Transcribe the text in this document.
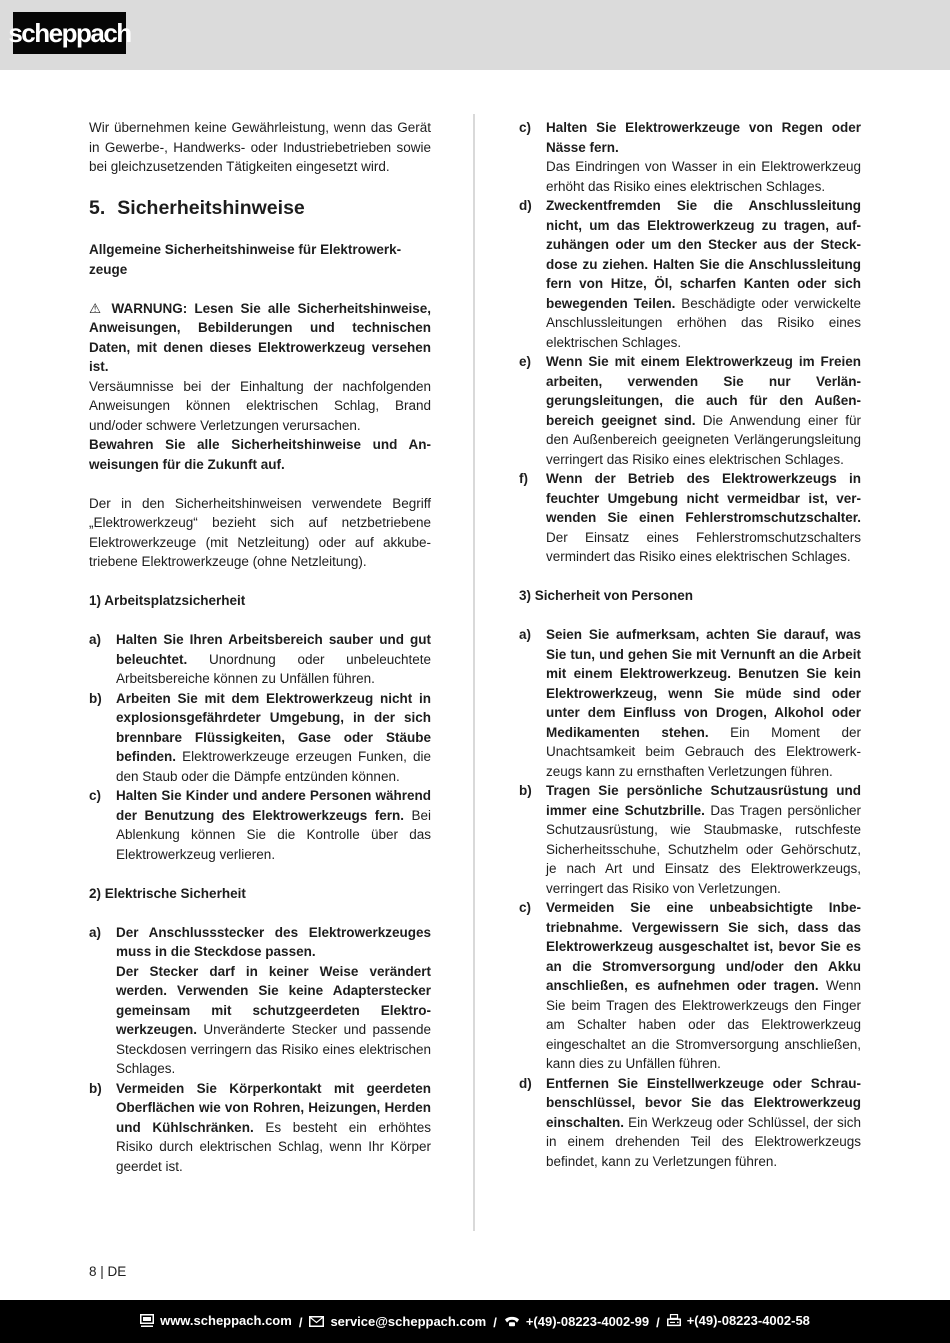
scheppach

Wir übernehmen keine Gewährleistung, wenn das Gerät in Gewerbe-, Handwerks- oder Industriebetrieben sowie bei gleichzusetzenden Tätigkeiten eingesetzt wird.

5. Sicherheitshinweise

Allgemeine Sicherheitshinweise für Elektrowerkzeuge

⚠ WARNUNG: Lesen Sie alle Sicherheitshinweise, Anweisungen, Bebilderungen und technischen Daten, mit denen dieses Elektrowerkzeug versehen ist.
Versäumnisse bei der Einhaltung der nachfolgenden Anweisungen können elektrischen Schlag, Brand und/oder schwere Verletzungen verursachen.
Bewahren Sie alle Sicherheitshinweise und Anweisungen für die Zukunft auf.

Der in den Sicherheitshinweisen verwendete Begriff „Elektrowerkzeug“ bezieht sich auf netzbetriebene Elektrowerkzeuge (mit Netzleitung) oder auf akkubetriebene Elektrowerkzeuge (ohne Netzleitung).

1) Arbeitsplatzsicherheit

a)	Halten Sie Ihren Arbeitsbereich sauber und gut beleuchtet. Unordnung oder unbeleuchtete Arbeitsbereiche können zu Unfällen führen.
b)	Arbeiten Sie mit dem Elektrowerkzeug nicht in explosionsgefährdeter Umgebung, in der sich brennbare Flüssigkeiten, Gase oder Stäube befinden. Elektrowerkzeuge erzeugen Funken, die den Staub oder die Dämpfe entzünden können.
c)	Halten Sie Kinder und andere Personen während der Benutzung des Elektrowerkzeugs fern. Bei Ablenkung können Sie die Kontrolle über das Elektrowerkzeug verlieren.

2) Elektrische Sicherheit

a)	Der Anschlussstecker des Elektrowerkzeuges muss in die Steckdose passen.
Der Stecker darf in keiner Weise verändert werden. Verwenden Sie keine Adapterstecker gemeinsam mit schutzgeerdeten Elektrowerkzeugen. Unveränderte Stecker und passende Steckdosen verringern das Risiko eines elektrischen Schlages.
b)	Vermeiden Sie Körperkontakt mit geerdeten Oberflächen wie von Rohren, Heizungen, Herden und Kühlschränken. Es besteht ein erhöhtes Risiko durch elektrischen Schlag, wenn Ihr Körper geerdet ist.
c)	Halten Sie Elektrowerkzeuge von Regen oder Nässe fern.
Das Eindringen von Wasser in ein Elektrowerkzeug erhöht das Risiko eines elektrischen Schlages.
d)	Zweckentfremden Sie die Anschlussleitung nicht, um das Elektrowerkzeug zu tragen, aufzuhängen oder um den Stecker aus der Steckdose zu ziehen. Halten Sie die Anschlussleitung fern von Hitze, Öl, scharfen Kanten oder sich bewegenden Teilen. Beschädigte oder verwickelte Anschlussleitungen erhöhen das Risiko eines elektrischen Schlages.
e)	Wenn Sie mit einem Elektrowerkzeug im Freien arbeiten, verwenden Sie nur Verlängerungsleitungen, die auch für den Außenbereich geeignet sind. Die Anwendung einer für den Außenbereich geeigneten Verlängerungsleitung verringert das Risiko eines elektrischen Schlages.
f)	Wenn der Betrieb des Elektrowerkzeugs in feuchter Umgebung nicht vermeidbar ist, verwenden Sie einen Fehlerstromschutzschalter. Der Einsatz eines Fehlerstromschutzschalters vermindert das Risiko eines elektrischen Schlages.

3) Sicherheit von Personen

a)	Seien Sie aufmerksam, achten Sie darauf, was Sie tun, und gehen Sie mit Vernunft an die Arbeit mit einem Elektrowerkzeug. Benutzen Sie kein Elektrowerkzeug, wenn Sie müde sind oder unter dem Einfluss von Drogen, Alkohol oder Medikamenten stehen. Ein Moment der Unachtsamkeit beim Gebrauch des Elektrowerkzeugs kann zu ernsthaften Verletzungen führen.
b)	Tragen Sie persönliche Schutzausrüstung und immer eine Schutzbrille. Das Tragen persönlicher Schutzausrüstung, wie Staubmaske, rutschfeste Sicherheitsschuhe, Schutzhelm oder Gehörschutz, je nach Art und Einsatz des Elektrowerkzeugs, verringert das Risiko von Verletzungen.
c)	Vermeiden Sie eine unbeabsichtigte Inbetriebnahme. Vergewissern Sie sich, dass das Elektrowerkzeug ausgeschaltet ist, bevor Sie es an die Stromversorgung und/oder den Akku anschließen, es aufnehmen oder tragen. Wenn Sie beim Tragen des Elektrowerkzeugs den Finger am Schalter haben oder das Elektrowerkzeug eingeschaltet an die Stromversorgung anschließen, kann dies zu Unfällen führen.
d)	Entfernen Sie Einstellwerkzeuge oder Schraubenschlüssel, bevor Sie das Elektrowerkzeug einschalten. Ein Werkzeug oder Schlüssel, der sich in einem drehenden Teil des Elektrowerkzeugs befindet, kann zu Verletzungen führen.
8 | DE
www.scheppach.com / service@scheppach.com / +(49)-08223-4002-99 / +(49)-08223-4002-58
